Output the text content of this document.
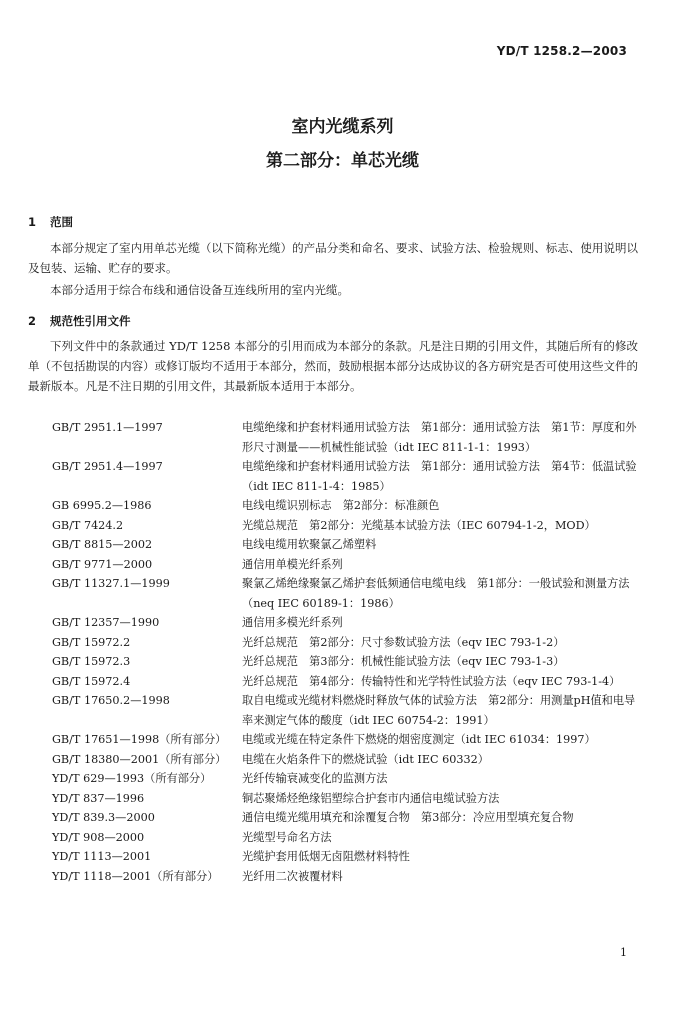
YD/T 1258.2—2003
室内光缆系列
第二部分：单芯光缆
1 范围
本部分规定了室内用单芯光缆（以下简称光缆）的产品分类和命名、要求、试验方法、检验规则、标志、使用说明以及包装、运输、贮存的要求。
本部分适用于综合布线和通信设备互连线所用的室内光缆。
2 规范性引用文件
下列文件中的条款通过 YD/T 1258 本部分的引用而成为本部分的条款。凡是注日期的引用文件，其随后所有的修改单（不包括勘误的内容）或修订版均不适用于本部分，然而，鼓励根据本部分达成协议的各方研究是否可使用这些文件的最新版本。凡是不注日期的引用文件，其最新版本适用于本部分。
GB/T 2951.1—1997	电缆绝缘和护套材料通用试验方法　第1部分：通用试验方法　第1节：厚度和外形尺寸测量——机械性能试验（idt IEC 811-1-1：1993）
GB/T 2951.4—1997	电缆绝缘和护套材料通用试验方法　第1部分：通用试验方法　第4节：低温试验（idt IEC 811-1-4：1985）
GB 6995.2—1986	电线电缆识别标志　第2部分：标准颜色
GB/T 7424.2	光缆总规范　第2部分：光缆基本试验方法（IEC 60794-1-2，MOD）
GB/T 8815—2002	电线电缆用软聚氯乙烯塑料
GB/T 9771—2000	通信用单模光纤系列
GB/T 11327.1—1999	聚氯乙烯绝缘聚氯乙烯护套低频通信电缆电线　第1部分：一般试验和测量方法（neq IEC 60189-1：1986）
GB/T 12357—1990	通信用多模光纤系列
GB/T 15972.2	光纤总规范　第2部分：尺寸参数试验方法（eqv IEC 793-1-2）
GB/T 15972.3	光纤总规范　第3部分：机械性能试验方法（eqv IEC 793-1-3）
GB/T 15972.4	光纤总规范　第4部分：传输特性和光学特性试验方法（eqv IEC 793-1-4）
GB/T 17650.2—1998	取自电缆或光缆材料燃烧时释放气体的试验方法　第2部分：用测量pH值和电导率来测定气体的酸度（idt IEC 60754-2：1991）
GB/T 17651—1998（所有部分）	电缆或光缆在特定条件下燃烧的烟密度测定（idt IEC 61034：1997）
GB/T 18380—2001（所有部分）	电缆在火焰条件下的燃烧试验（idt IEC 60332）
YD/T 629—1993（所有部分）	光纤传输衰减变化的监测方法
YD/T 837—1996	铜芯聚烯烃绝缘铝塑综合护套市内通信电缆试验方法
YD/T 839.3—2000	通信电缆光缆用填充和涂覆复合物　第3部分：冷应用型填充复合物
YD/T 908—2000	光缆型号命名方法
YD/T 1113—2001	光缆护套用低烟无卤阻燃材料特性
YD/T 1118—2001（所有部分）	光纤用二次被覆材料
1
